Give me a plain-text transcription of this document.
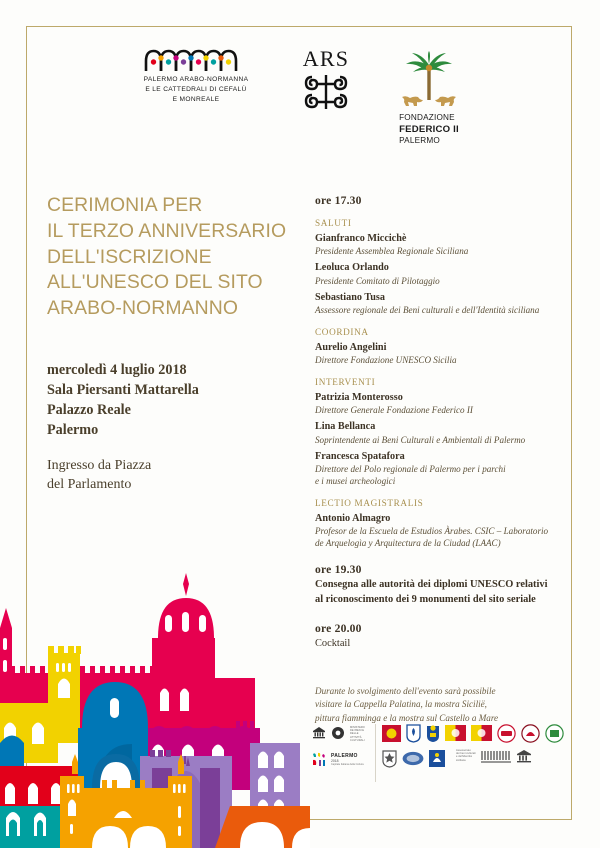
PALERMO ARABO-NORMANNA
E LE CATTEDRALI DI CEFALÙ
E MONREALE
ARS
FONDAZIONE
FEDERICO II
PALERMO
CERIMONIA PER
IL TERZO ANNIVERSARIO
DELL'ISCRIZIONE
ALL'UNESCO DEL SITO
ARABO-NORMANNO
mercoledì 4 luglio 2018
Sala Piersanti Mattarella
Palazzo Reale
Palermo
Ingresso da Piazza
del Parlamento
ore 17.30
SALUTI
Gianfranco Miccichè
Presidente Assemblea Regionale Siciliana
Leoluca Orlando
Presidente Comitato di Pilotaggio
Sebastiano Tusa
Assessore regionale dei Beni culturali e dell'Identità siciliana
COORDINA
Aurelio Angelini
Direttore Fondazione UNESCO Sicilia
INTERVENTI
Patrizia Monterosso
Direttore Generale Fondazione Federico II
Lina Bellanca
Soprintendente ai Beni Culturali e Ambientali di Palermo
Francesca Spatafora
Direttore del Polo regionale di Palermo per i parchi
e i musei archeologici
LECTIO MAGISTRALIS
Antonio Almagro
Profesor de la Escuela de Estudios Àrabes. CSIC – Laboratorio
de Arquelogìa y Arquitectura de la Ciudad (LAAC)
ore 19.30
Consegna alle autorità dei diplomi UNESCO relativi
al riconoscimento dei 9 monumenti del sito seriale
ore 20.00
Cocktail
Durante lo svolgimento dell'evento sarà possibile
visitare la Cappella Palatina, la mostra Sicilië,
pittura fiamminga e la mostra sul Castello a Mare
MINISTERO
DEI BENI E
DELLE ATTIVITÀ
CULTURALI
PALERMO
2018
Capitale Italiana della Cultura
Assessorato
dei beni culturali
e dell'identità
siciliana
